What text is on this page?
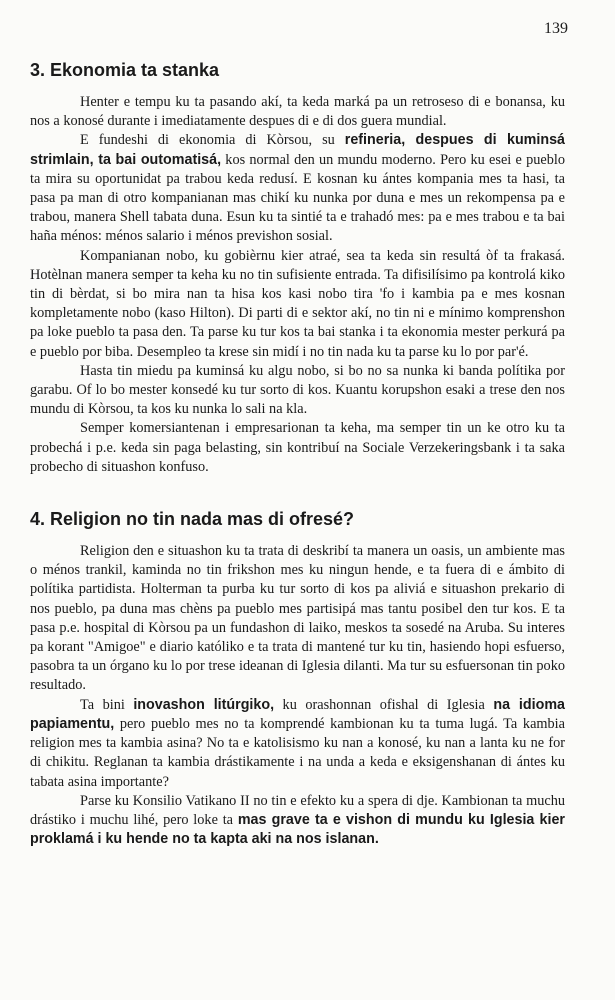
139
3. Ekonomia ta stanka

Henter e tempu ku ta pasando akí, ta keda marká pa un retroseso di e bonansa, ku nos a konosé durante i imediatamente despues di e di dos guera mundial.

E fundeshi di ekonomia di Kòrsou, su refineria, despues di kuminsá strimlain, ta bai outomatisá, kos normal den un mundu moderno. Pero ku esei e pueblo ta mira su oportunidat pa trabou keda redusí. E kosnan ku ántes kompania mes ta hasi, ta pasa pa man di otro kompanianan mas chikí ku nunka por duna e mes un rekompensa pa e trabou, manera Shell tabata duna. Esun ku ta sintié ta e trahadó mes: pa e mes trabou e ta bai haña ménos: ménos salario i ménos previshon sosial.

Kompanianan nobo, ku gobièrnu kier atraé, sea ta keda sin resultá òf ta frakasá. Hotèlnan manera semper ta keha ku no tin sufisiente entrada. Ta difisilísimo pa kontrolá kiko tin di bèrdat, si bo mira nan ta hisa kos kasi nobo tira 'fo i kambia pa e mes kosnan kompletamente nobo (kaso Hilton). Di parti di e sektor akí, no tin ni e mínimo komprenshon pa loke pueblo ta pasa den. Ta parse ku tur kos ta bai stanka i ta ekonomia mester perkurá pa e pueblo por biba. Desempleo ta krese sin midí i no tin nada ku ta parse ku lo por par'é.

Hasta tin miedu pa kuminsá ku algu nobo, si bo no sa nunka ki banda polítika por garabu. Of lo bo mester konsedé ku tur sorto di kos. Kuantu korupshon esaki a trese den nos mundu di Kòrsou, ta kos ku nunka lo sali na kla.

Semper komersiantenan i empresarionan ta keha, ma semper tin un ke otro ku ta probechá i p.e. keda sin paga belasting, sin kontribuí na Sociale Verzekeringsbank i ta saka probecho di situashon konfuso.

4. Religion no tin nada mas di ofresé?

Religion den e situashon ku ta trata di deskribí ta manera un oasis, un ambiente mas o ménos trankil, kaminda no tin frikshon mes ku ningun hende, e ta fuera di e ámbito di polítika partidista. Holterman ta purba ku tur sorto di kos pa aliviá e situashon prekario di nos pueblo, pa duna mas chèns pa pueblo mes partisipá mas tantu posibel den tur kos. E ta pasa p.e. hospital di Kòrsou pa un fundashon di laiko, meskos ta sosedé na Aruba. Su interes pa korant "Amigoe" e diario katóliko e ta trata di mantené tur ku tin, hasiendo hopi esfuerso, pasobra ta un órgano ku lo por trese ideanan di Iglesia dilanti. Ma tur su esfuersonan tin poko resultado.

Ta bini inovashon litúrgiko, ku orashonnan ofishal di Iglesia na idioma papiamentu, pero pueblo mes no ta komprendé kambionan ku ta tuma lugá. Ta kambia religion mes ta kambia asina? No ta e katolisismo ku nan a konosé, ku nan a lanta ku ne for di chikitu. Reglanan ta kambia drástikamente i na unda a keda e eksigenshanan di ántes ku tabata asina importante?

Parse ku Konsilio Vatikano II no tin e efekto ku a spera di dje. Kambionan ta muchu drástiko i muchu lihé, pero loke ta mas grave ta e vishon di mundu ku Iglesia kier proklamá i ku hende no ta kapta aki na nos islanan.
